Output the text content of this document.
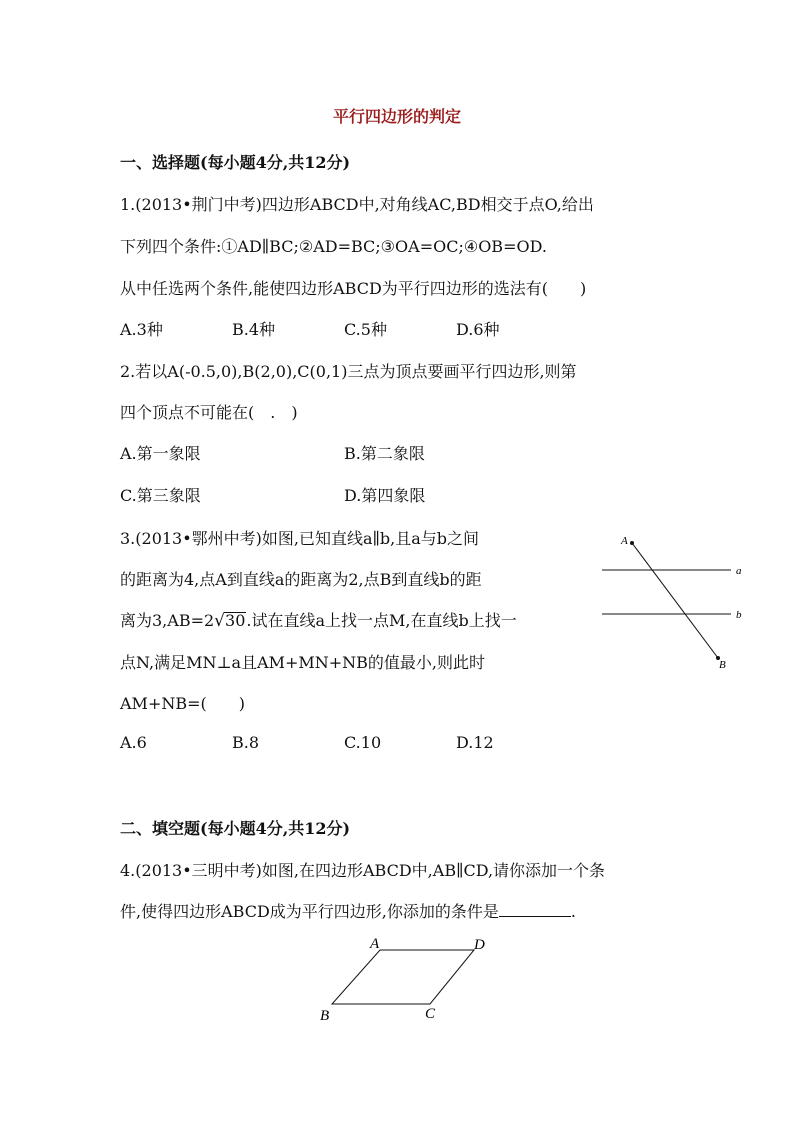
平行四边形的判定
一、选择题(每小题4分,共12分)
1.(2013•荆门中考)四边形ABCD中,对角线AC,BD相交于点O,给出
下列四个条件:①AD∥BC;②AD=BC;③OA=OC;④OB=OD.
从中任选两个条件,能使四边形ABCD为平行四边形的选法有(　　)
A.3种	B.4种	C.5种	D.6种
2.若以A(-0.5,0),B(2,0),C(0,1)三点为顶点要画平行四边形,则第
四个顶点不可能在(　.　)
A.第一象限	B.第二象限
C.第三象限	D.第四象限
3.(2013•鄂州中考)如图,已知直线a∥b,且a与b之间
的距离为4,点A到直线a的距离为2,点B到直线b的距
离为3,AB=2√30.试在直线a上找一点M,在直线b上找一
点N,满足MN⊥a且AM+MN+NB的值最小,则此时
AM+NB=(　　)
A.6	B.8	C.10	D.12
A
B
a
b
二、填空题(每小题4分,共12分)
4.(2013•三明中考)如图,在四边形ABCD中,AB∥CD,请你添加一个条
件,使得四边形ABCD成为平行四边形,你添加的条件是	.
A	D
B	C
